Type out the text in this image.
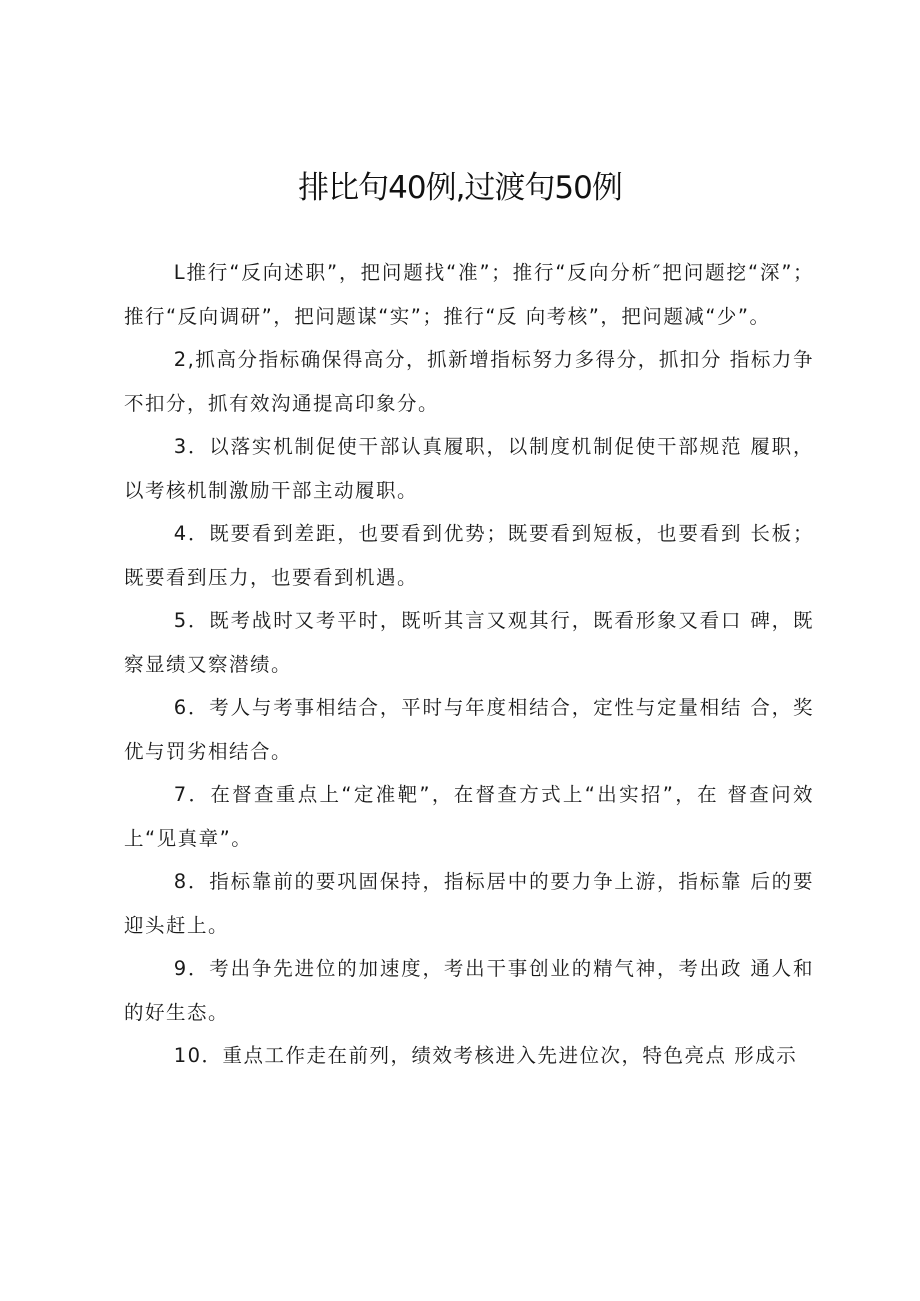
排比句40例,过渡句50例

L推行“反向述职”，把问题找“准”；推行“反向分析″把问题挖“深”；推行“反向调研”，把问题谋“实”；推行“反 向考核”，把问题减“少”。

2,抓高分指标确保得高分，抓新增指标努力多得分，抓扣分 指标力争不扣分，抓有效沟通提高印象分。

3．以落实机制促使干部认真履职，以制度机制促使干部规范 履职，以考核机制激励干部主动履职。

4．既要看到差距，也要看到优势；既要看到短板，也要看到 长板；既要看到压力，也要看到机遇。

5．既考战时又考平时，既听其言又观其行，既看形象又看口 碑，既察显绩又察潜绩。

6．考人与考事相结合，平时与年度相结合，定性与定量相结 合，奖优与罚劣相结合。

7．在督查重点上“定准靶”，在督查方式上“出实招”，在 督查问效上“见真章”。

8．指标靠前的要巩固保持，指标居中的要力争上游，指标靠 后的要迎头赶上。

9．考出争先进位的加速度，考出干事创业的精气神，考出政 通人和的好生态。

10．重点工作走在前列，绩效考核进入先进位次，特色亮点 形成示
